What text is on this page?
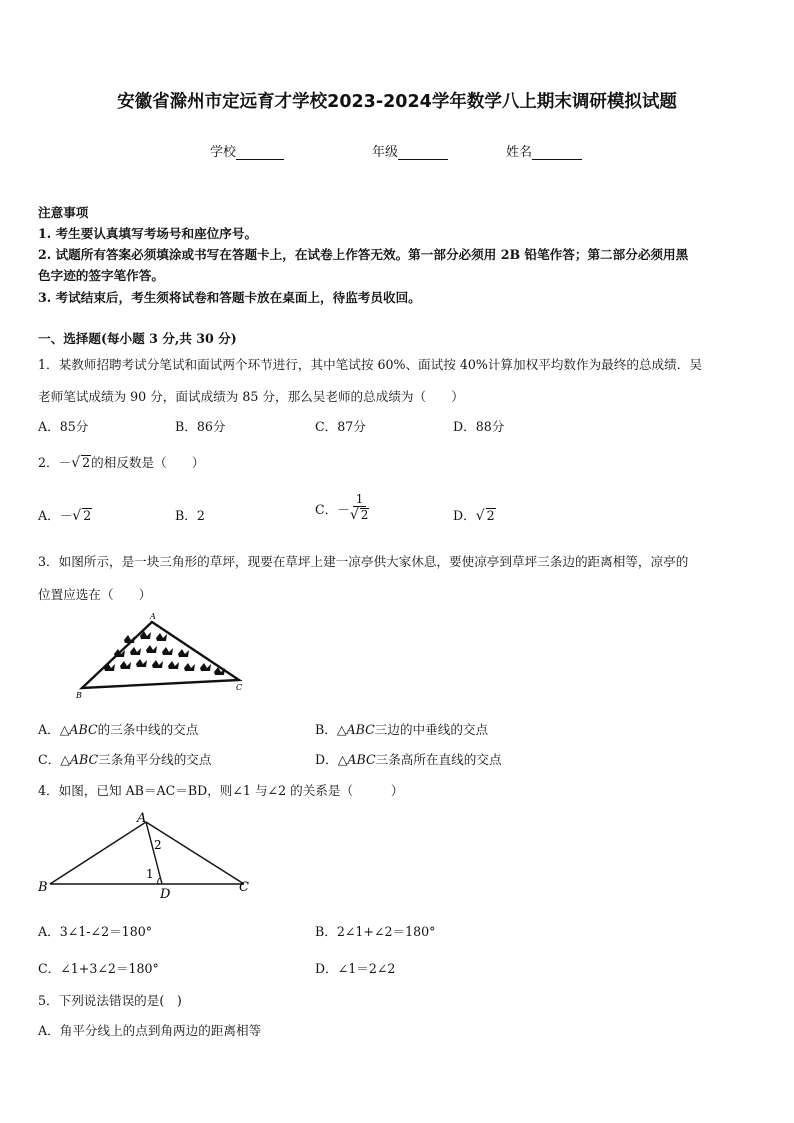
安徽省滁州市定远育才学校2023-2024学年数学八上期末调研模拟试题
学校	年级	姓名
注意事项
1. 考生要认真填写考场号和座位序号。
2. 试题所有答案必须填涂或书写在答题卡上，在试卷上作答无效。第一部分必须用 2B 铅笔作答；第二部分必须用黑
色字迹的签字笔作答。
3. 考试结束后，考生须将试卷和答题卡放在桌面上，待监考员收回。
一、选择题(每小题 3 分,共 30 分)
1．某教师招聘考试分笔试和面试两个环节进行，其中笔试按 60%、面试按 40%计算加权平均数作为最终的总成绩．吴
老师笔试成绩为 90 分，面试成绩为 85 分，那么吴老师的总成绩为（　　）
A．85分	B．86分	C．87分	D．88分
2．－√ 2的相反数是（　　）
A．－√ 2	B．2	C． － $\frac{1}{√ 2}$	D．√ 2
3．如图所示，是一块三角形的草坪，现要在草坪上建一凉亭供大家休息，要使凉亭到草坪三条边的距离相等，凉亭的
位置应选在（　　）
A
B
C
A．△ABC的三条中线的交点	B．△ABC三边的中垂线的交点
C．△ABC三条角平分线的交点	D．△ABC三条高所在直线的交点
4．如图，已知 AB＝AC＝BD，则∠1 与∠2 的关系是（　　　）
A
B	C
D
1
2
A．3∠1-∠2＝180°	B．2∠1+∠2＝180°
C．∠1+3∠2＝180°	D．∠1＝2∠2
5．下列说法错误的是(　)
A．角平分线上的点到角两边的距离相等
